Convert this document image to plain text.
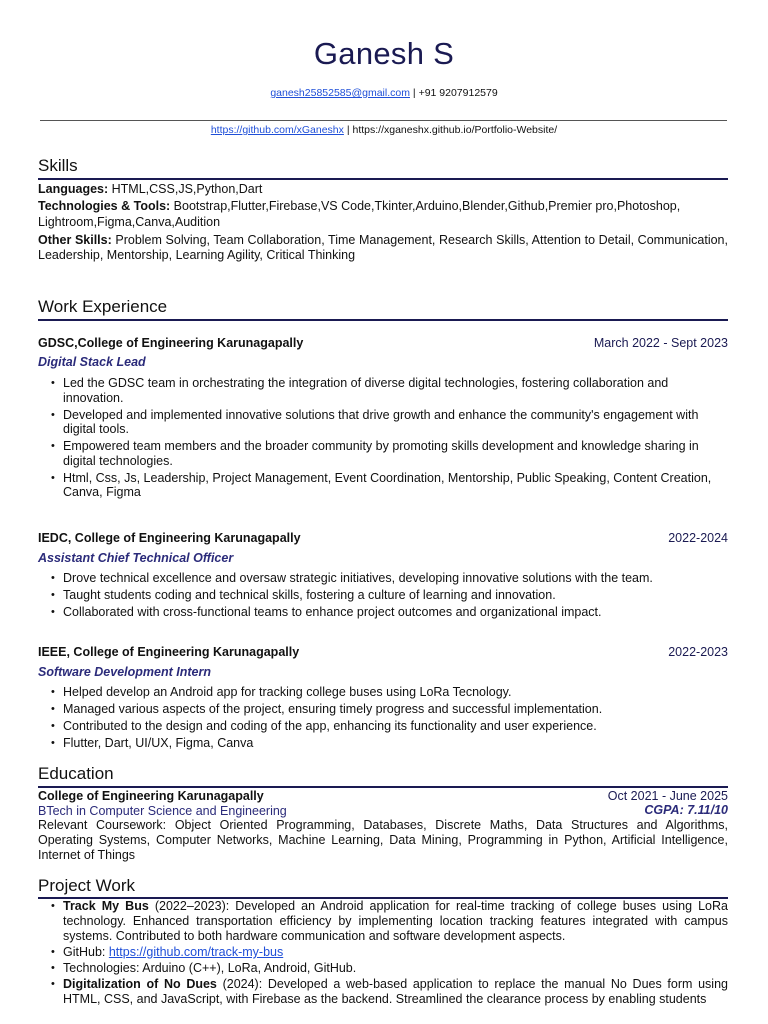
Ganesh S
ganesh25852585@gmail.com | +91 9207912579
https://github.com/xGaneshx | https://xganeshx.github.io/Portfolio-Website/
Skills
Languages: HTML,CSS,JS,Python,Dart
Technologies & Tools: Bootstrap,Flutter,Firebase,VS Code,Tkinter,Arduino,Blender,Github,Premier pro,Photoshop,
Lightroom,Figma,Canva,Audition
Other Skills: Problem Solving, Team Collaboration, Time Management, Research Skills, Attention to Detail, Communication, Leadership, Mentorship, Learning Agility, Critical Thinking
Work Experience
GDSC,College of Engineering Karunagapally	March 2022 - Sept 2023
Digital Stack Lead
• Led the GDSC team in orchestrating the integration of diverse digital technologies, fostering collaboration and innovation.
• Developed and implemented innovative solutions that drive growth and enhance the community's engagement with digital tools.
• Empowered team members and the broader community by promoting skills development and knowledge sharing in digital technologies.
• Html, Css, Js, Leadership, Project Management, Event Coordination, Mentorship, Public Speaking, Content Creation, Canva, Figma
IEDC, College of Engineering Karunagapally	2022-2024
Assistant Chief Technical Officer
• Drove technical excellence and oversaw strategic initiatives, developing innovative solutions with the team.
• Taught students coding and technical skills, fostering a culture of learning and innovation.
• Collaborated with cross-functional teams to enhance project outcomes and organizational impact.
IEEE, College of Engineering Karunagapally	2022-2023
Software Development Intern
• Helped develop an Android app for tracking college buses using LoRa Tecnology.
• Managed various aspects of the project, ensuring timely progress and successful implementation.
• Contributed to the design and coding of the app, enhancing its functionality and user experience.
• Flutter, Dart, UI/UX, Figma, Canva
Education
College of Engineering Karunagapally	Oct 2021 - June 2025
BTech in Computer Science and Engineering	CGPA: 7.11/10
Relevant Coursework: Object Oriented Programming, Databases, Discrete Maths, Data Structures and Algorithms, Operating Systems, Computer Networks, Machine Learning, Data Mining, Programming in Python, Artificial Intelligence, Internet of Things
Project Work
• Track My Bus (2022–2023): Developed an Android application for real-time tracking of college buses using LoRa technology. Enhanced transportation efficiency by implementing location tracking features integrated with campus systems. Contributed to both hardware communication and software development aspects.
• GitHub: https://github.com/track-my-bus
• Technologies: Arduino (C++), LoRa, Android, GitHub.
• Digitalization of No Dues (2024): Developed a web-based application to replace the manual No Dues form using HTML, CSS, and JavaScript, with Firebase as the backend. Streamlined the clearance process by enabling students
